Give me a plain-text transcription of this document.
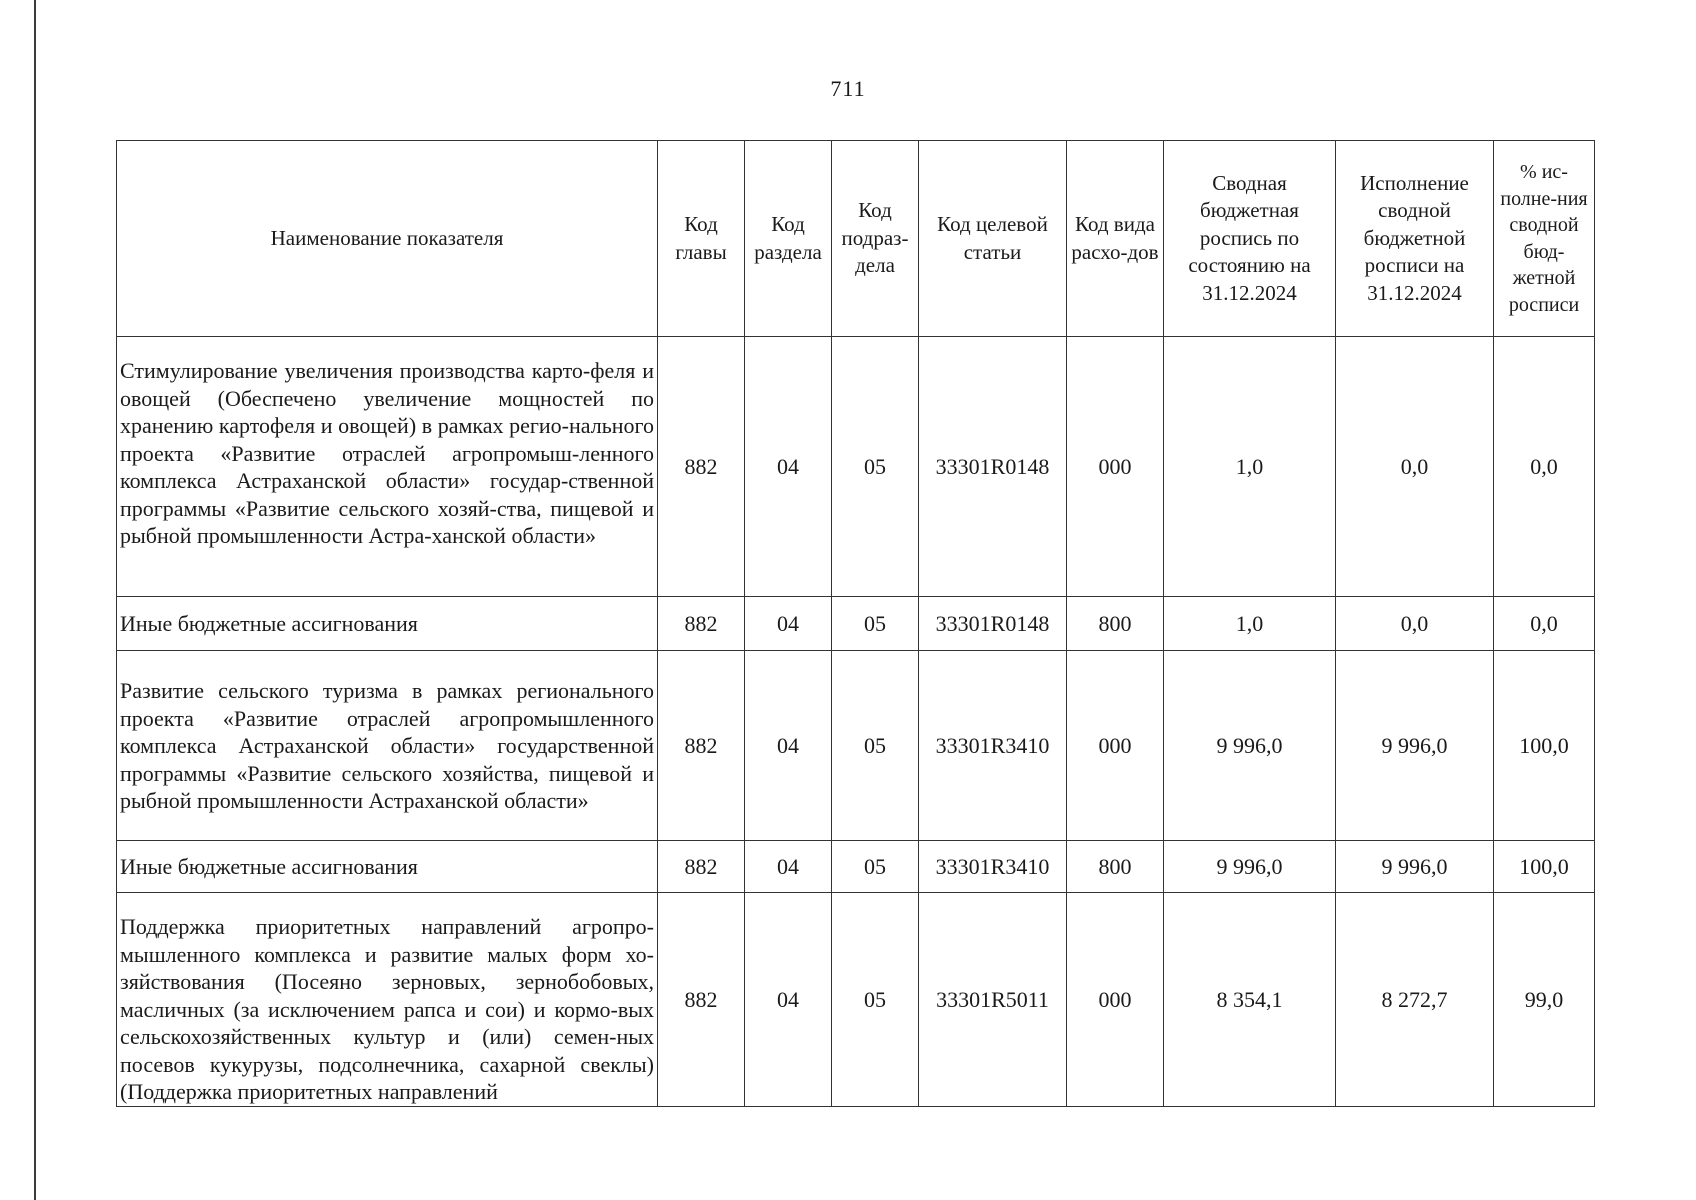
711
Наименование показателя	Код главы	Код раздела	Код подраз-дела	Код целевой статьи	Код вида расхо-дов	Сводная бюджетная роспись по состоянию на 31.12.2024	Исполнение сводной бюджетной росписи на 31.12.2024	% ис-полне-ния сводной бюд-жетной росписи
Стимулирование увеличения производства карто-феля и овощей (Обеспечено увеличение мощностей по хранению картофеля и овощей) в рамках регио-нального проекта «Развитие отраслей агропромыш-ленного комплекса Астраханской области» государ-ственной программы «Развитие сельского хозяй-ства, пищевой и рыбной промышленности Астра-ханской области»	882	04	05	33301R0148	000	1,0	0,0	0,0
Иные бюджетные ассигнования	882	04	05	33301R0148	800	1,0	0,0	0,0
Развитие сельского туризма в рамках регионального проекта «Развитие отраслей агропромышленного комплекса Астраханской области» государственной программы «Развитие сельского хозяйства, пищевой и рыбной промышленности Астраханской области»	882	04	05	33301R3410	000	9 996,0	9 996,0	100,0
Иные бюджетные ассигнования	882	04	05	33301R3410	800	9 996,0	9 996,0	100,0
Поддержка приоритетных направлений агропро-мышленного комплекса и развитие малых форм хо-зяйствования (Посеяно зерновых, зернобобовых, масличных (за исключением рапса и сои) и кормо-вых сельскохозяйственных культур и (или) семен-ных посевов кукурузы, подсолнечника, сахарной свеклы) (Поддержка приоритетных направлений	882	04	05	33301R5011	000	8 354,1	8 272,7	99,0
